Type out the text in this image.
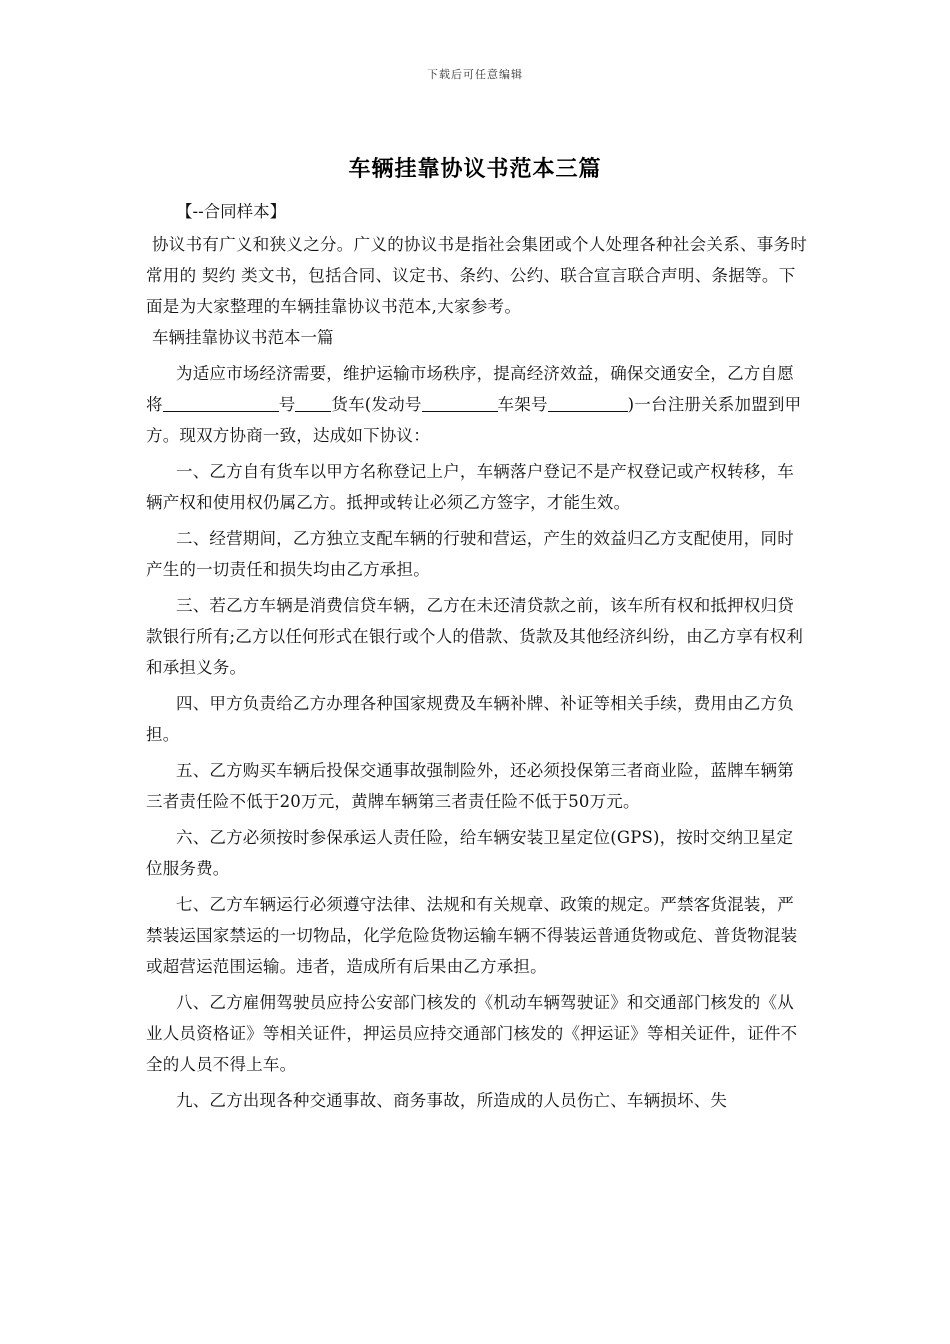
下载后可任意编辑
车辆挂靠协议书范本三篇
【--合同样本】
协议书有广义和狭义之分。广义的协议书是指社会集团或个人处理各种社会关系、事务时常用的 契约 类文书，包括合同、议定书、条约、公约、联合宣言联合声明、条据等。下面是为大家整理的车辆挂靠协议书范本,大家参考。
车辆挂靠协议书范本一篇
为适应市场经济需要，维护运输市场秩序，提高经济效益，确保交通安全，乙方自愿将	号 货车(发动号	车架号	)一台注册关系加盟到甲方。现双方协商一致，达成如下协议：
一、乙方自有货车以甲方名称登记上户，车辆落户登记不是产权登记或产权转移，车辆产权和使用权仍属乙方。抵押或转让必须乙方签字，才能生效。
二、经营期间，乙方独立支配车辆的行驶和营运，产生的效益归乙方支配使用，同时产生的一切责任和损失均由乙方承担。
三、若乙方车辆是消费信贷车辆，乙方在未还清贷款之前，该车所有权和抵押权归贷款银行所有;乙方以任何形式在银行或个人的借款、货款及其他经济纠纷，由乙方享有权利和承担义务。
四、甲方负责给乙方办理各种国家规费及车辆补牌、补证等相关手续，费用由乙方负担。
五、乙方购买车辆后投保交通事故强制险外，还必须投保第三者商业险，蓝牌车辆第三者责任险不低于20万元，黄牌车辆第三者责任险不低于50万元。
六、乙方必须按时参保承运人责任险，给车辆安装卫星定位(GPS)，按时交纳卫星定位服务费。
七、乙方车辆运行必须遵守法律、法规和有关规章、政策的规定。严禁客货混装，严禁装运国家禁运的一切物品，化学危险货物运输车辆不得装运普通货物或危、普货物混装或超营运范围运输。违者，造成所有后果由乙方承担。
八、乙方雇佣驾驶员应持公安部门核发的《机动车辆驾驶证》和交通部门核发的《从业人员资格证》等相关证件，押运员应持交通部门核发的《押运证》等相关证件，证件不全的人员不得上车。
九、乙方出现各种交通事故、商务事故，所造成的人员伤亡、车辆损坏、失
